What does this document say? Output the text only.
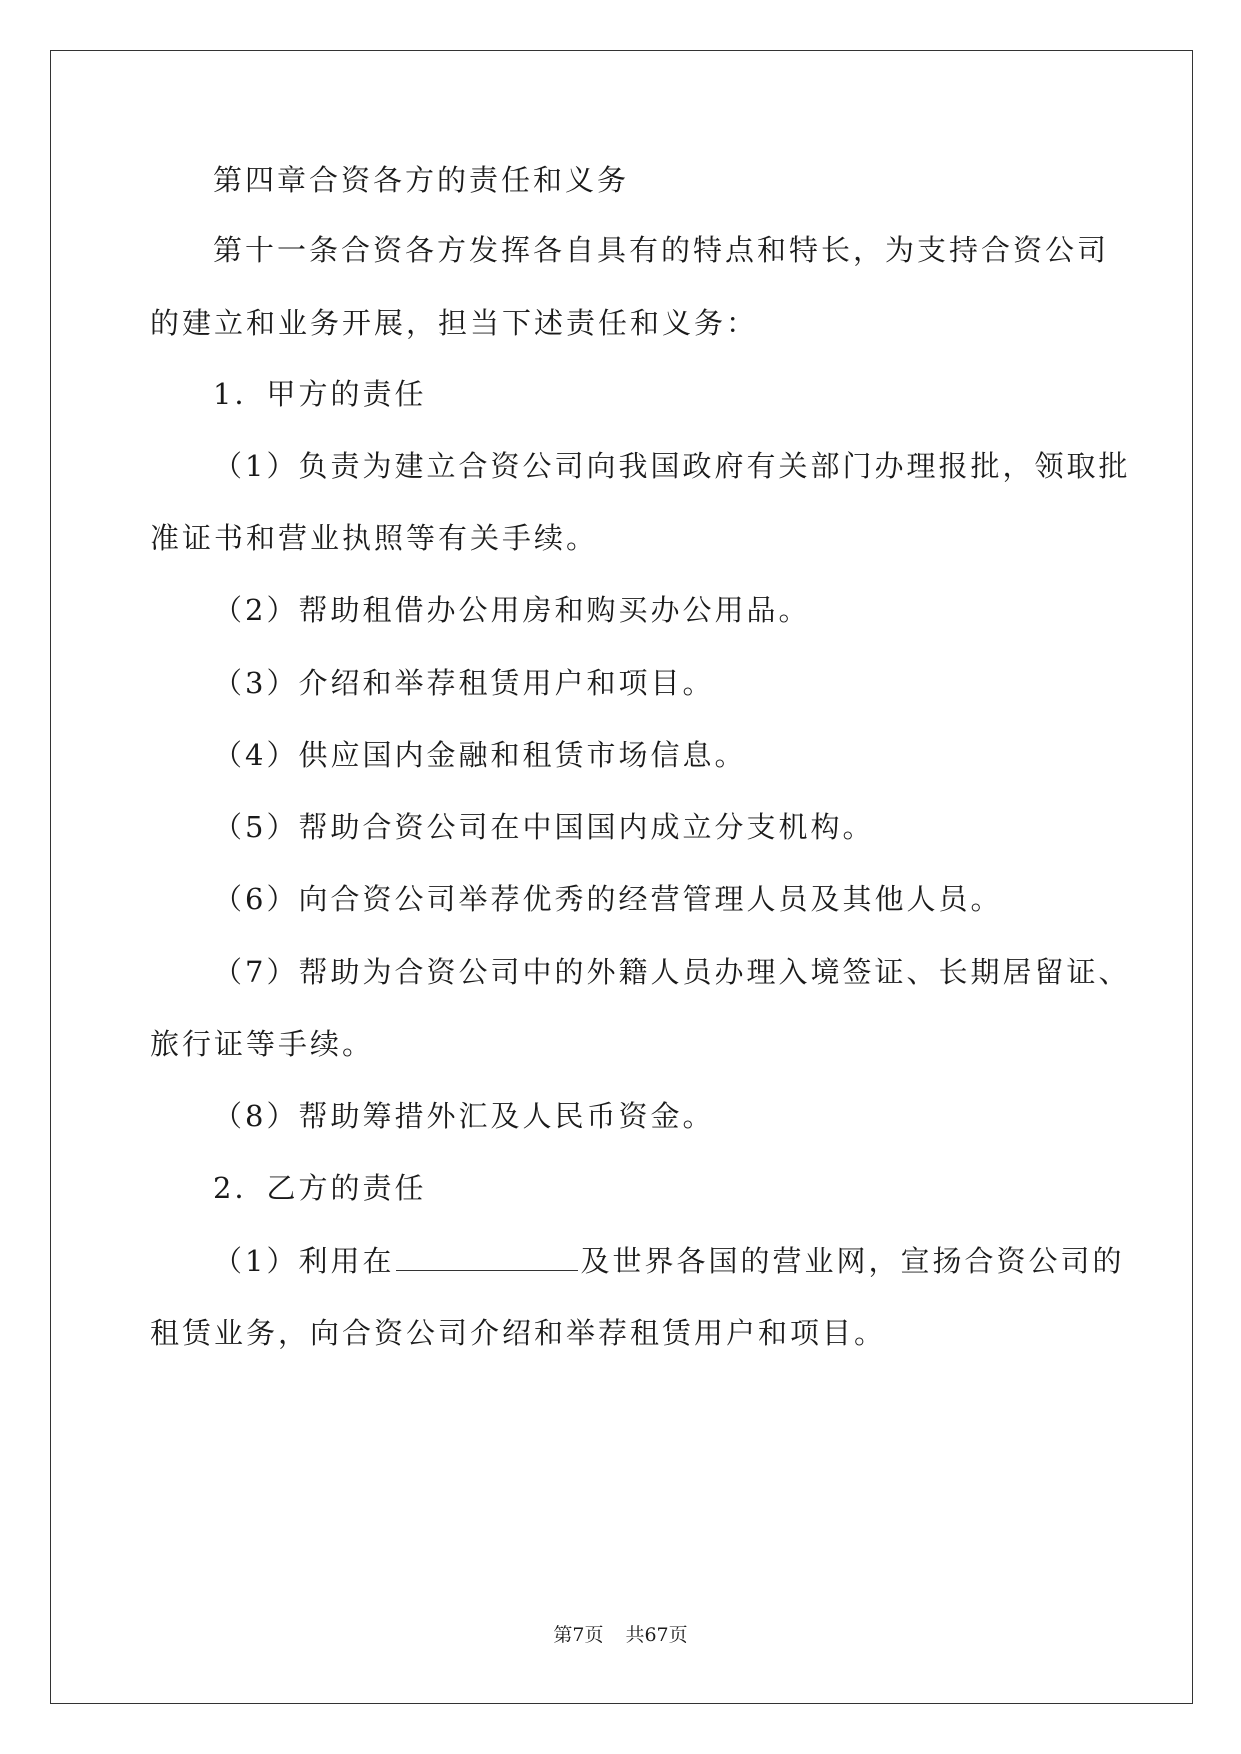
第四章合资各方的责任和义务
第十一条合资各方发挥各自具有的特点和特长，为支持合资公司
的建立和业务开展，担当下述责任和义务：
1．甲方的责任
（1）负责为建立合资公司向我国政府有关部门办理报批，领取批
准证书和营业执照等有关手续。
（2）帮助租借办公用房和购买办公用品。
（3）介绍和举荐租赁用户和项目。
（4）供应国内金融和租赁市场信息。
（5）帮助合资公司在中国国内成立分支机构。
（6）向合资公司举荐优秀的经营管理人员及其他人员。
（7）帮助为合资公司中的外籍人员办理入境签证、长期居留证、
旅行证等手续。
（8）帮助筹措外汇及人民币资金。
2．乙方的责任
（1）利用在	及世界各国的营业网，宣扬合资公司的
租赁业务，向合资公司介绍和举荐租赁用户和项目。
第7页 共67页
